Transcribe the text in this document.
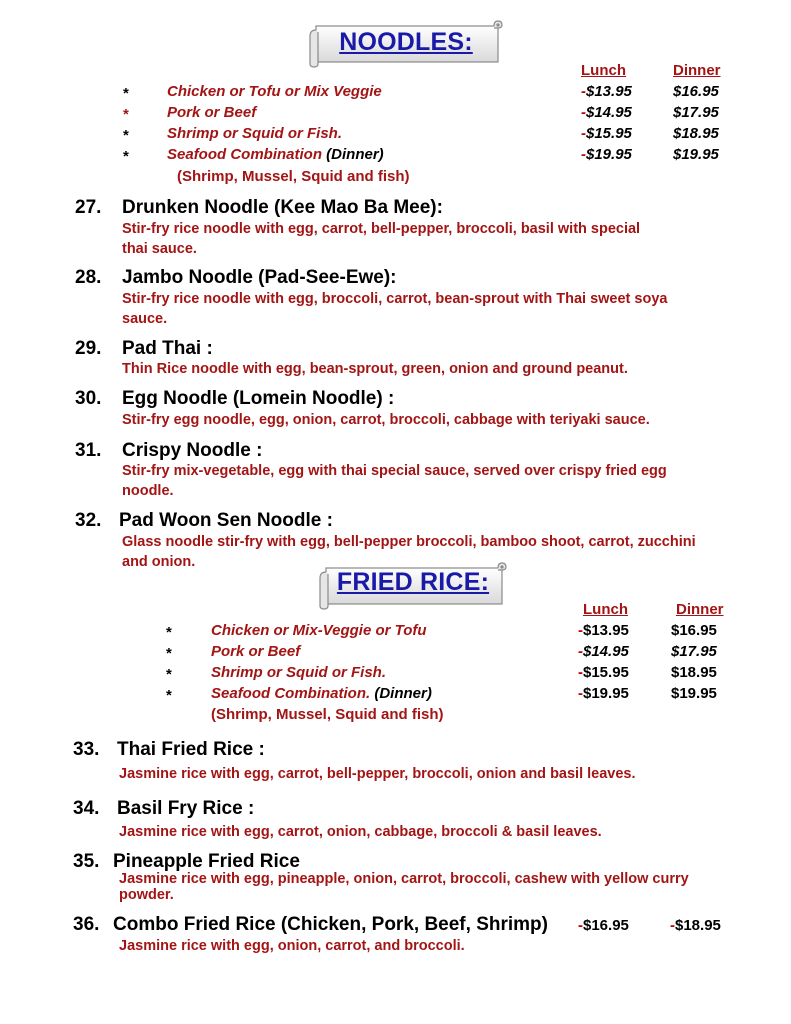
NOODLES:
Lunch	Dinner
*	Chicken or Tofu or Mix Veggie	-$13.95	$16.95
*	Pork or Beef	-$14.95	$17.95
*	Shrimp or Squid or Fish.	-$15.95	$18.95
*	Seafood Combination (Dinner)	-$19.95	$19.95
(Shrimp, Mussel, Squid and fish)
27. Drunken Noodle (Kee Mao Ba Mee):
Stir-fry rice noodle with egg, carrot, bell-pepper, broccoli, basil with special thai sauce.
28. Jambo Noodle (Pad-See-Ewe):
Stir-fry rice noodle with egg, broccoli, carrot, bean-sprout with Thai sweet soya sauce.
29. Pad Thai :
Thin Rice noodle with egg, bean-sprout, green, onion and ground peanut.
30. Egg Noodle (Lomein Noodle) :
Stir-fry egg noodle, egg, onion, carrot, broccoli, cabbage with teriyaki sauce.
31. Crispy Noodle :
Stir-fry mix-vegetable, egg with thai special sauce, served over crispy fried egg noodle.
32. Pad Woon Sen Noodle :
Glass noodle stir-fry with egg, bell-pepper broccoli, bamboo shoot, carrot, zucchini and onion.
FRIED RICE:
Lunch	Dinner
*	Chicken or Mix-Veggie or Tofu	-$13.95	$16.95
*	Pork or Beef	-$14.95	$17.95
*	Shrimp or Squid or Fish.	-$15.95	$18.95
*	Seafood Combination. (Dinner)	-$19.95	$19.95
(Shrimp, Mussel, Squid and fish)
33. Thai Fried Rice :
Jasmine rice with egg, carrot, bell-pepper, broccoli, onion and basil leaves.
34. Basil Fry Rice :
Jasmine rice with egg, carrot, onion, cabbage, broccoli & basil leaves.
35. Pineapple Fried Rice
Jasmine rice with egg, pineapple, onion, carrot, broccoli, cashew with yellow curry powder.
36. Combo Fried Rice (Chicken, Pork, Beef, Shrimp) -$16.95	-$18.95
Jasmine rice with egg, onion, carrot, and broccoli.
